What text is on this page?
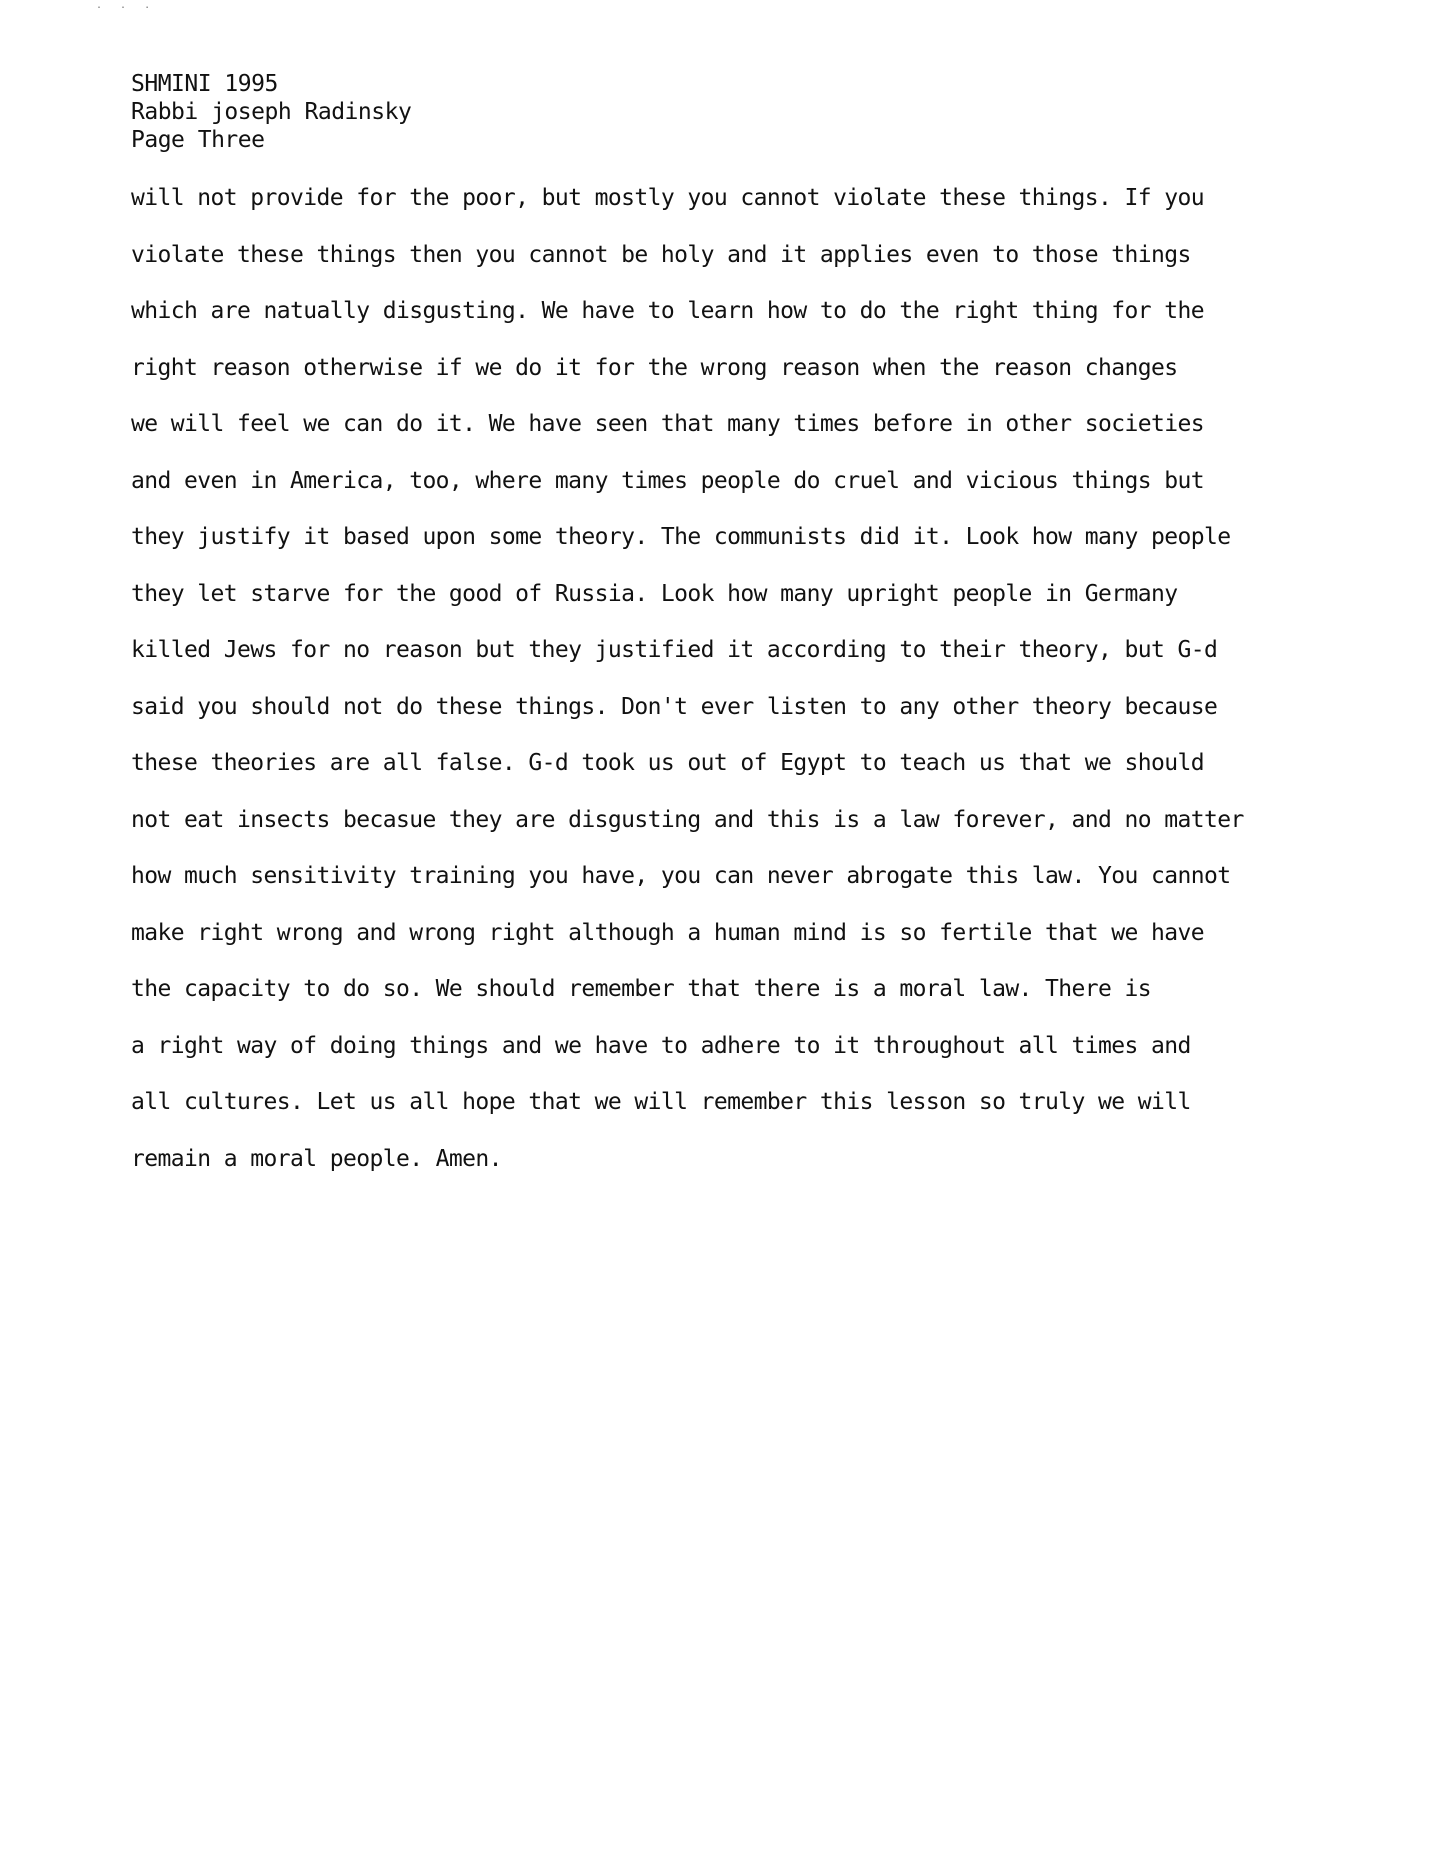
. . .
SHMINI 1995
Rabbi joseph Radinsky
Page Three
will not provide for the poor, but mostly you cannot violate these things. If you
violate these things then you cannot be holy and it applies even to those things
which are natually disgusting. We have to learn how to do the right thing for the
right reason otherwise if we do it for the wrong reason when the reason changes
we will feel we can do it. We have seen that many times before in other societies
and even in America, too, where many times people do cruel and vicious things but
they justify it based upon some theory. The communists did it. Look how many people
they let starve for the good of Russia. Look how many upright people in Germany
killed Jews for no reason but they justified it according to their theory, but G-d
said you should not do these things. Don't ever listen to any other theory because
these theories are all false. G-d took us out of Egypt to teach us that we should
not eat insects becasue they are disgusting and this is a law forever, and no matter
how much sensitivity training you have, you can never abrogate this law. You cannot
make right wrong and wrong right although a human mind is so fertile that we have
the capacity to do so. We should remember that there is a moral law. There is
a right way of doing things and we have to adhere to it throughout all times and
all cultures. Let us all hope that we will remember this lesson so truly we will
remain a moral people. Amen.
